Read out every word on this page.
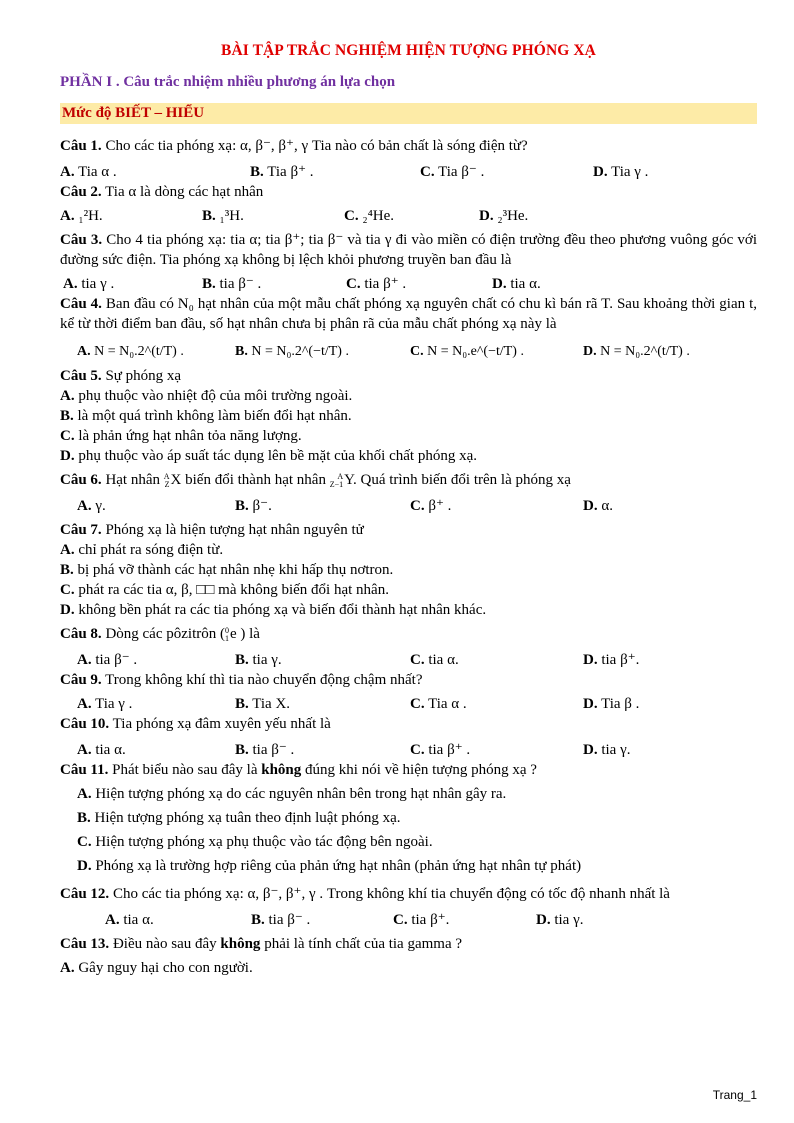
BÀI TẬP TRẮC NGHIỆM HIỆN TƯỢNG PHÓNG XẠ
PHẦN I . Câu trắc nhiệm nhiều phương án lựa chọn
Mức độ BIẾT – HIỂU
Câu 1. Cho các tia phóng xạ: α, β⁻, β⁺, γ Tia nào có bản chất là sóng điện từ?
A. Tia α .	B. Tia β⁺ .	C. Tia β⁻ .	D. Tia γ .
Câu 2. Tia α là dòng các hạt nhân
A. ₁²H.	B. ₁³H.	C. ₂⁴He.	D. ₂³He.
Câu 3. Cho 4 tia phóng xạ: tia α; tia β⁺; tia β⁻ và tia γ đi vào miền có điện trường đều theo phương vuông góc với đường sức điện. Tia phóng xạ không bị lệch khỏi phương truyền ban đầu là
A. tia γ .	B. tia β⁻ .	C. tia β⁺ .	D. tia α.
Câu 4. Ban đầu có N₀ hạt nhân của một mẫu chất phóng xạ nguyên chất có chu kì bán rã T. Sau khoảng thời gian t, kể từ thời điểm ban đầu, số hạt nhân chưa bị phân rã của mẫu chất phóng xạ này là
A. N = N₀.2^(t/T) .	B. N = N₀.2^(−t/T) .	C. N = N₀.e^(−t/T) .	D. N = N₀.2^(t/T) .
Câu 5. Sự phóng xạ
A. phụ thuộc vào nhiệt độ của môi trường ngoài.
B. là một quá trình không làm biến đổi hạt nhân.
C. là phản ứng hạt nhân tỏa năng lượng.
D. phụ thuộc vào áp suất tác dụng lên bề mặt của khối chất phóng xạ.
Câu 6. Hạt nhân A
ZX biến đổi thành hạt nhân A
Z−1Y. Quá trình biến đổi trên là phóng xạ
A. γ.	B. β⁻.	C. β⁺ .	D. α.
Câu 7. Phóng xạ là hiện tượng hạt nhân nguyên tử
A. chỉ phát ra sóng điện từ.
B. bị phá vỡ thành các hạt nhân nhẹ khi hấp thụ nơtron.
C. phát ra các tia α, β, □□ mà không biến đổi hạt nhân.
D. không bền phát ra các tia phóng xạ và biến đổi thành hạt nhân khác.
Câu 8. Dòng các pôzitrôn (0
1e ) là
A. tia β⁻ .	B. tia γ.	C. tia α.	D. tia β⁺.
Câu 9. Trong không khí thì tia nào chuyển động chậm nhất?
A. Tia γ .	B. Tia X.	C. Tia α .	D. Tia β .
Câu 10. Tia phóng xạ đâm xuyên yếu nhất là
A. tia α.	B. tia β⁻ .	C. tia β⁺ .	D. tia γ.
Câu 11. Phát biểu nào sau đây là không đúng khi nói về hiện tượng phóng xạ ?
A. Hiện tượng phóng xạ do các nguyên nhân bên trong hạt nhân gây ra.
B. Hiện tượng phóng xạ tuân theo định luật phóng xạ.
C. Hiện tượng phóng xạ phụ thuộc vào tác động bên ngoài.
D. Phóng xạ là trường hợp riêng của phản ứng hạt nhân (phản ứng hạt nhân tự phát)
Câu 12. Cho các tia phóng xạ: α, β⁻, β⁺, γ . Trong không khí tia chuyển động có tốc độ nhanh nhất là
A. tia α.	B. tia β⁻ .	C. tia β⁺.	D. tia γ.
Câu 13. Điều nào sau đây không phải là tính chất của tia gamma ?
A. Gây nguy hại cho con người.
Trang_1
